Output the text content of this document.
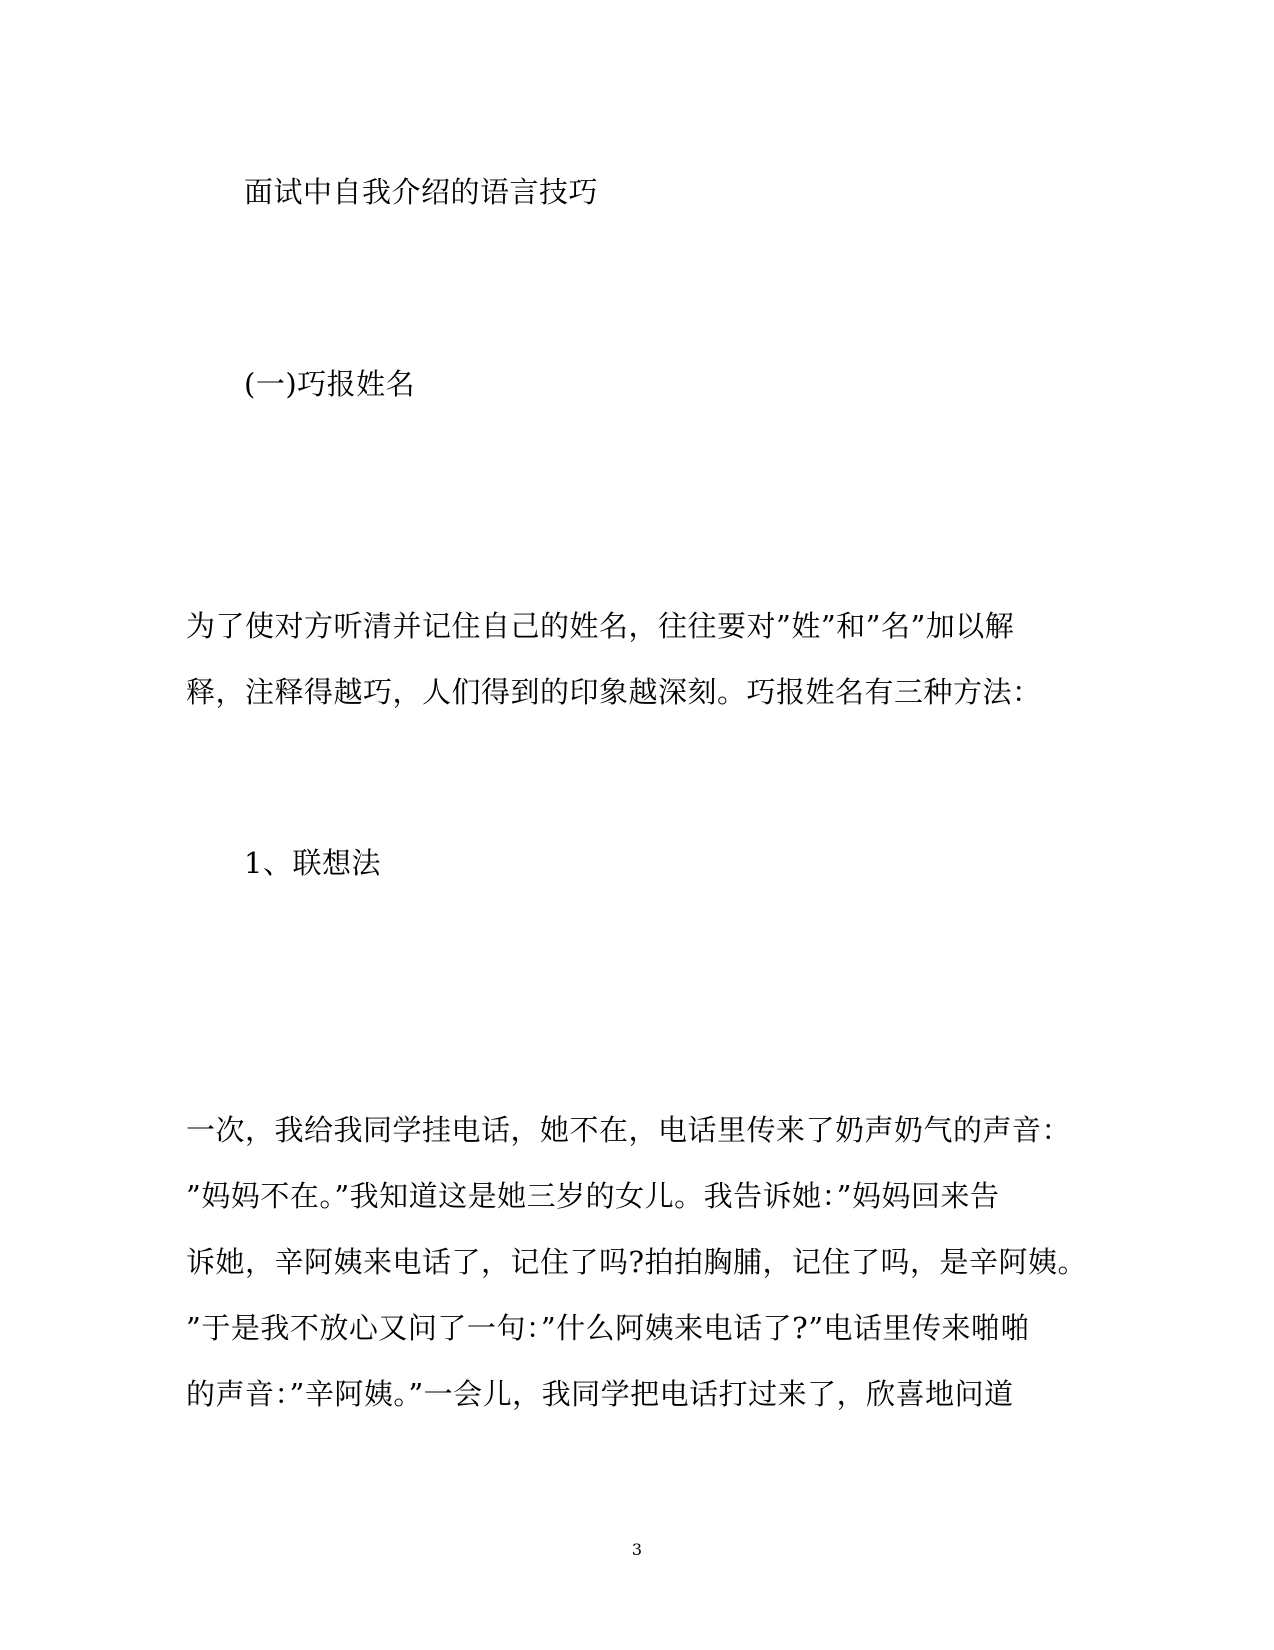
面试中自我介绍的语言技巧
(一)巧报姓名
为了使对方听清并记住自己的姓名，往往要对”姓”和”名”加以解
释，注释得越巧，人们得到的印象越深刻。巧报姓名有三种方法：
1、联想法
一次，我给我同学挂电话，她不在，电话里传来了奶声奶气的声音：
”妈妈不在。”我知道这是她三岁的女儿。我告诉她：”妈妈回来告
诉她，辛阿姨来电话了，记住了吗?拍拍胸脯，记住了吗，是辛阿姨。
”于是我不放心又问了一句：”什么阿姨来电话了?”电话里传来啪啪
的声音：”辛阿姨。”一会儿，我同学把电话打过来了，欣喜地问道
3
